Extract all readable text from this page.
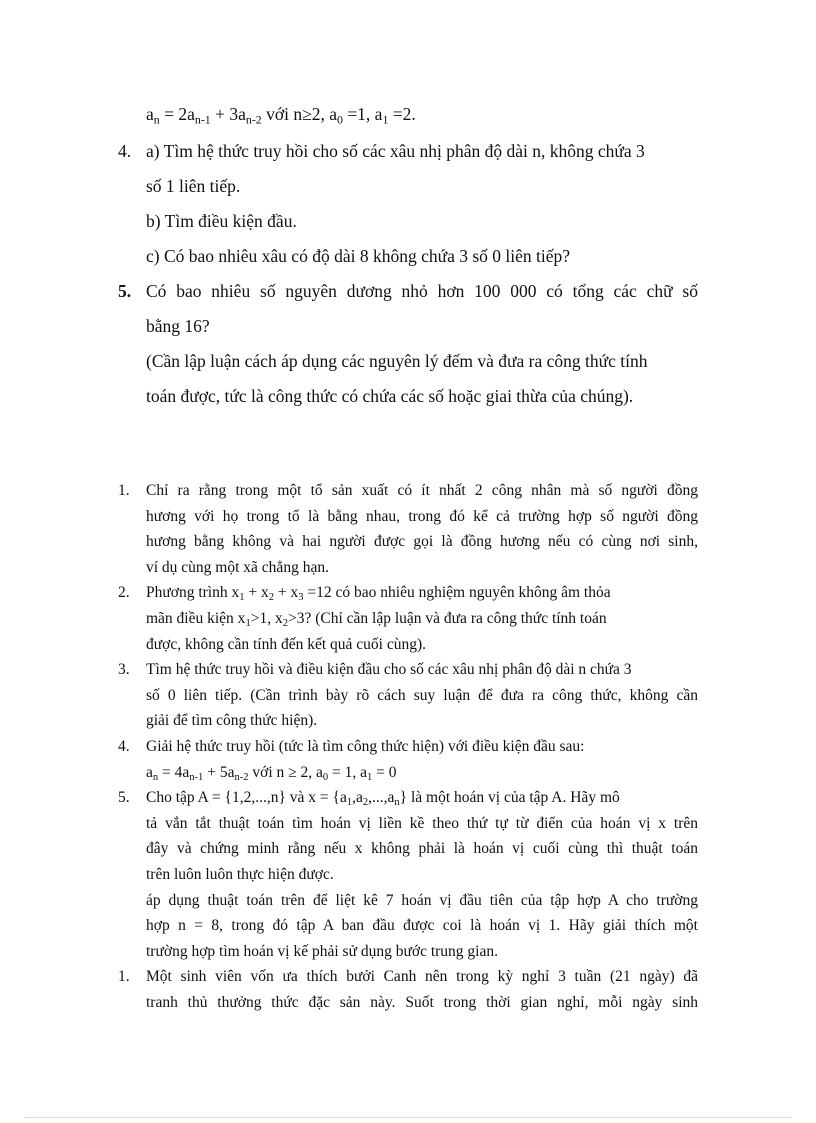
$a_n = 2a_{n-1} + 3a_{n-2}$ với n≥2, $a_0 =1$, $a_1 =2$.
4. a) Tìm hệ thức truy hồi cho số các xâu nhị phân độ dài n, không chứa 3
số 1 liên tiếp.
b) Tìm điều kiện đầu.
c) Có bao nhiêu xâu có độ dài 8 không chứa 3 số 0 liên tiếp?
5. Có bao nhiêu số nguyên dương nhỏ hơn 100 000 có tổng các chữ số
bằng 16?
(Cần lập luận cách áp dụng các nguyên lý đếm và đưa ra công thức tính
toán được, tức là công thức có chứa các số hoặc giai thừa của chúng).
1. Chỉ ra rằng trong một tổ sản xuất có ít nhất 2 công nhân mà số người đồng
hương với họ trong tổ là bằng nhau, trong đó kể cả trường hợp số người đồng
hương bằng không và hai người được gọi là đồng hương nếu có cùng nơi sinh,
ví dụ cùng một xã chẳng hạn.
2. Phương trình $x_1 + x_2 + x_3 =12$ có bao nhiêu nghiệm nguyên không âm thỏa
mãn điều kiện $x_1>1$, $x_2>3$? (Chỉ cần lập luận và đưa ra công thức tính toán
được, không cần tính đến kết quả cuối cùng).
3. Tìm hệ thức truy hồi và điều kiện đầu cho số các xâu nhị phân độ dài n chứa 3
số 0 liên tiếp. (Cần trình bày rõ cách suy luận để đưa ra công thức, không cần
giải để tìm công thức hiện).
4. Giải hệ thức truy hồi (tức là tìm công thức hiện) với điều kiện đầu sau:
$a_n = 4a_{n-1} + 5a_{n-2}$ với n ≥ 2, $a_0 = 1$, $a_1 = 0$
5. Cho tập A = {1,2,...,n} và $x = \{a_1,a_2,...,a_n\}$ là một hoán vị của tập A. Hãy mô
tả vắn tắt thuật toán tìm hoán vị liền kề theo thứ tự từ điển của hoán vị x trên
đây và chứng minh rằng nếu x không phải là hoán vị cuối cùng thì thuật toán
trên luôn luôn thực hiện được.
áp dụng thuật toán trên để liệt kê 7 hoán vị đầu tiên của tập hợp A cho trường
hợp n = 8, trong đó tập A ban đầu được coi là hoán vị 1. Hãy giải thích một
trường hợp tìm hoán vị kế phải sử dụng bước trung gian.
1. Một sinh viên vốn ưa thích bưởi Canh nên trong kỳ nghỉ 3 tuần (21 ngày) đã
tranh thủ thưởng thức đặc sản này. Suốt trong thời gian nghỉ, mỗi ngày sinh
